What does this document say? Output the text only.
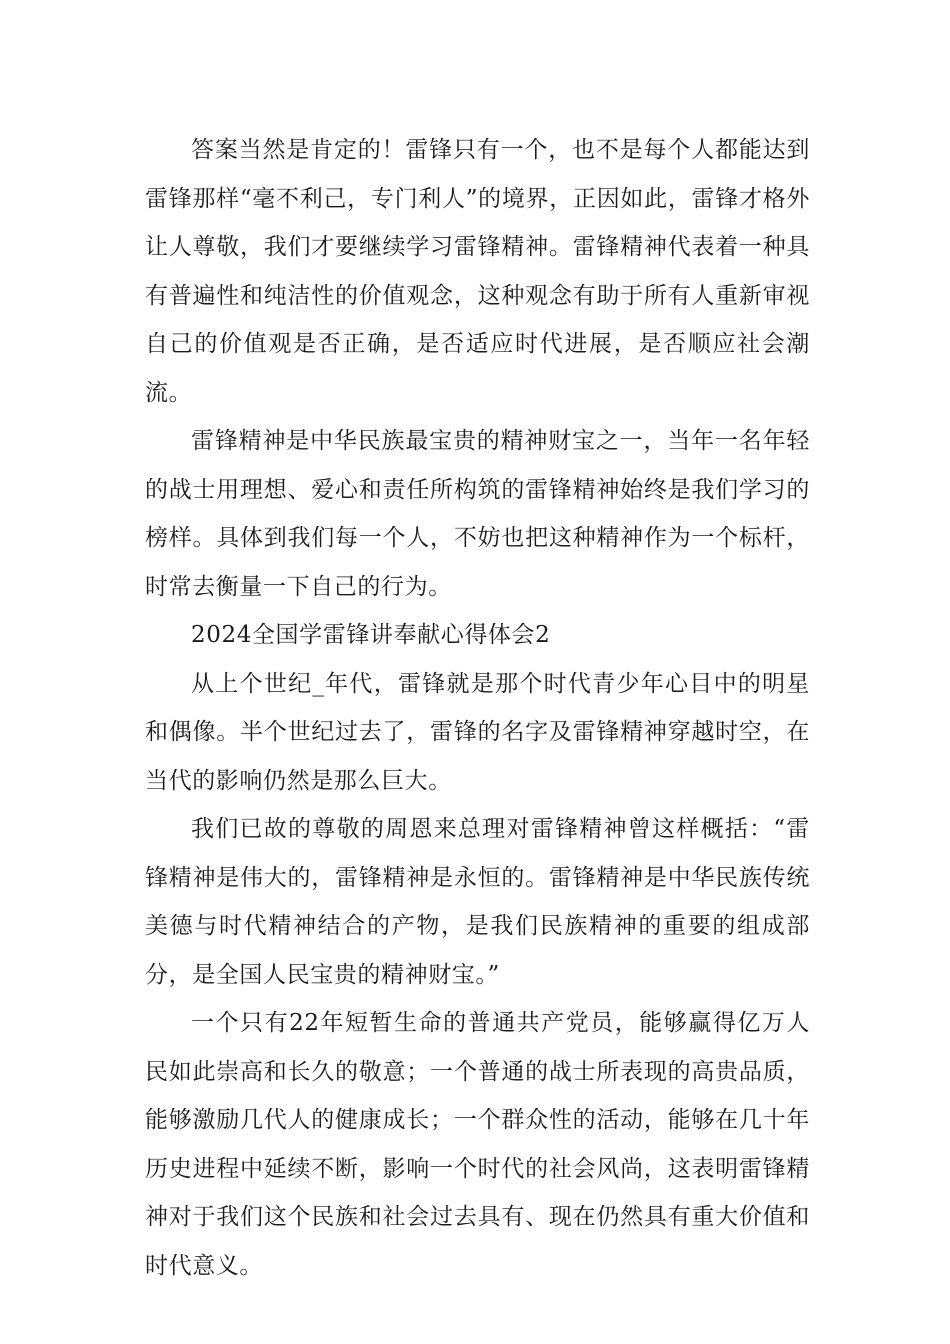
答案当然是肯定的！雷锋只有一个，也不是每个人都能达到雷锋那样“毫不利己，专门利人”的境界，正因如此，雷锋才格外让人尊敬，我们才要继续学习雷锋精神。雷锋精神代表着一种具有普遍性和纯洁性的价值观念，这种观念有助于所有人重新审视自己的价值观是否正确，是否适应时代进展，是否顺应社会潮流。

雷锋精神是中华民族最宝贵的精神财宝之一，当年一名年轻的战士用理想、爱心和责任所构筑的雷锋精神始终是我们学习的榜样。具体到我们每一个人，不妨也把这种精神作为一个标杆，时常去衡量一下自己的行为。

2024全国学雷锋讲奉献心得体会2

从上个世纪_年代，雷锋就是那个时代青少年心目中的明星和偶像。半个世纪过去了，雷锋的名字及雷锋精神穿越时空，在当代的影响仍然是那么巨大。

我们已故的尊敬的周恩来总理对雷锋精神曾这样概括：“雷锋精神是伟大的，雷锋精神是永恒的。雷锋精神是中华民族传统美德与时代精神结合的产物，是我们民族精神的重要的组成部分，是全国人民宝贵的精神财宝。”

一个只有22年短暂生命的普通共产党员，能够赢得亿万人民如此崇高和长久的敬意；一个普通的战士所表现的高贵品质，能够激励几代人的健康成长；一个群众性的活动，能够在几十年历史进程中延续不断，影响一个时代的社会风尚，这表明雷锋精神对于我们这个民族和社会过去具有、现在仍然具有重大价值和时代意义。
